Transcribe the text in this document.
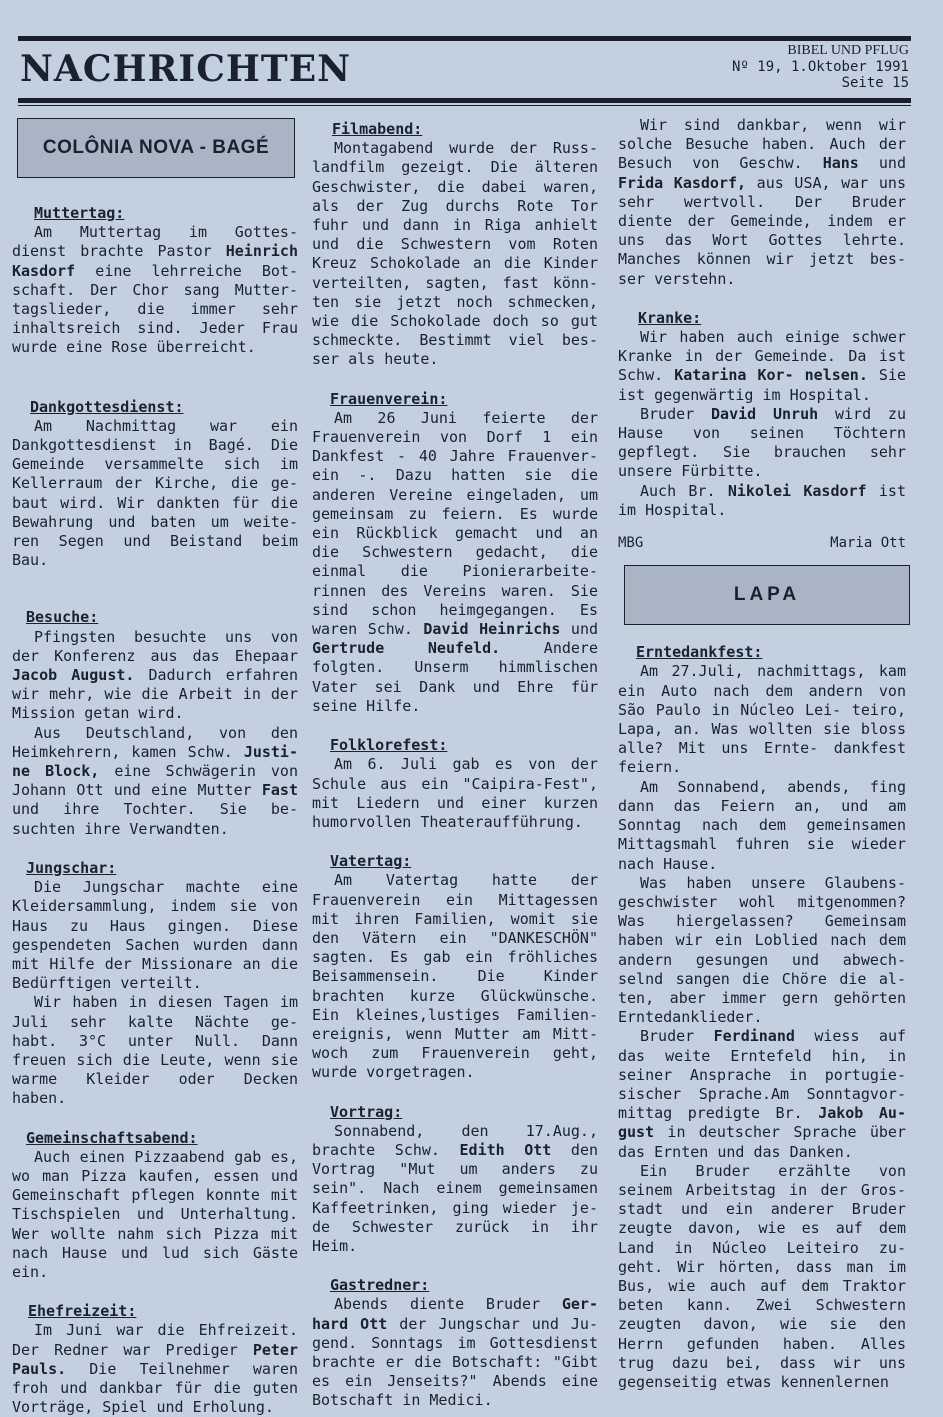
NACHRICHTEN	BIBEL UND PFLUG
Nº 19, 1.Oktober 1991
Seite 15
COLÔNIA NOVA - BAGÉ
Muttertag:

Am Muttertag im Gottes- dienst brachte Pastor Heinrich Kasdorf eine lehrreiche Bot- schaft. Der Chor sang Mutter- tagslieder, die immer sehr inhaltsreich sind. Jeder Frau wurde eine Rose überreicht.

Dankgottesdienst:

Am Nachmittag war ein Dankgottesdienst in Bagé. Die Gemeinde versammelte sich im Kellerraum der Kirche, die ge- baut wird. Wir dankten für die Bewahrung und baten um weite- ren Segen und Beistand beim Bau.

Besuche:

Pfingsten besuchte uns von der Konferenz aus das Ehepaar Jacob August. Dadurch erfahren wir mehr, wie die Arbeit in der Mission getan wird.

Aus Deutschland, von den Heimkehrern, kamen Schw. Justi- ne Block, eine Schwägerin von Johann Ott und eine Mutter Fast und ihre Tochter. Sie be- suchten ihre Verwandten.

Jungschar:

Die Jungschar machte eine Kleidersammlung, indem sie von Haus zu Haus gingen. Diese gespendeten Sachen wurden dann mit Hilfe der Missionare an die Bedürftigen verteilt.

Wir haben in diesen Tagen im Juli sehr kalte Nächte ge- habt. 3°C unter Null. Dann freuen sich die Leute, wenn sie warme Kleider oder Decken haben.

Gemeinschaftsabend:

Auch einen Pizzaabend gab es, wo man Pizza kaufen, essen und Gemeinschaft pflegen konnte mit Tischspielen und Unterhaltung. Wer wollte nahm sich Pizza mit nach Hause und lud sich Gäste ein.

Ehefreizeit:

Im Juni war die Ehfreizeit. Der Redner war Prediger Peter Pauls. Die Teilnehmer waren froh und dankbar für die guten Vorträge, Spiel und Erholung.

Filmabend:

Montagabend wurde der Russ- landfilm gezeigt. Die älteren Geschwister, die dabei waren, als der Zug durchs Rote Tor fuhr und dann in Riga anhielt und die Schwestern vom Roten Kreuz Schokolade an die Kinder verteilten, sagten, fast könn- ten sie jetzt noch schmecken, wie die Schokolade doch so gut schmeckte. Bestimmt viel bes- ser als heute.

Frauenverein:

Am 26 Juni feierte der Frauenverein von Dorf 1 ein Dankfest - 40 Jahre Frauenver- ein -. Dazu hatten sie die anderen Vereine eingeladen, um gemeinsam zu feiern. Es wurde ein Rückblick gemacht und an die Schwestern gedacht, die einmal die Pionierarbeite- rinnen des Vereins waren. Sie sind schon heimgegangen. Es waren Schw. David Heinrichs und Gertrude Neufeld. Andere folgten. Unserm himmlischen Vater sei Dank und Ehre für seine Hilfe.

Folklorefest:

Am 6. Juli gab es von der Schule aus ein "Caipira-Fest", mit Liedern und einer kurzen humorvollen Theateraufführung.

Vatertag:

Am Vatertag hatte der Frauenverein ein Mittagessen mit ihren Familien, womit sie den Vätern ein "DANKESCHÖN" sagten. Es gab ein fröhliches Beisammensein. Die Kinder brachten kurze Glückwünsche. Ein kleines,lustiges Familien- ereignis, wenn Mutter am Mitt- woch zum Frauenverein geht, wurde vorgetragen.

Vortrag:

Sonnabend, den 17.Aug., brachte Schw. Edith Ott den Vortrag "Mut um anders zu sein". Nach einem gemeinsamen Kaffeetrinken, ging wieder je- de Schwester zurück in ihr Heim.

Gastredner:

Abends diente Bruder Ger- hard Ott der Jungschar und Ju- gend. Sonntags im Gottesdienst brachte er die Botschaft: "Gibt es ein Jenseits?" Abends eine Botschaft in Medici.

Wir sind dankbar, wenn wir solche Besuche haben. Auch der Besuch von Geschw. Hans und Frida Kasdorf, aus USA, war uns sehr wertvoll. Der Bruder diente der Gemeinde, indem er uns das Wort Gottes lehrte. Manches können wir jetzt bes- ser verstehn.

Kranke:

Wir haben auch einige schwer Kranke in der Gemeinde. Da ist Schw. Katarina Kor- nelsen. Sie ist gegenwärtig im Hospital.

Bruder David Unruh wird zu Hause von seinen Töchtern gepflegt. Sie brauchen sehr unsere Fürbitte.

Auch Br. Nikolei Kasdorf ist im Hospital.

MBG	Maria Ott
LAPA
Erntedankfest:

Am 27.Juli, nachmittags, kam ein Auto nach dem andern von São Paulo in Núcleo Lei- teiro, Lapa, an. Was wollten sie bloss alle? Mit uns Ernte- dankfest feiern.

Am Sonnabend, abends, fing dann das Feiern an, und am Sonntag nach dem gemeinsamen Mittagsmahl fuhren sie wieder nach Hause.

Was haben unsere Glaubens- geschwister wohl mitgenommen? Was hiergelassen? Gemeinsam haben wir ein Loblied nach dem andern gesungen und abwech- selnd sangen die Chöre die al- ten, aber immer gern gehörten Erntedanklieder.

Bruder Ferdinand wiess auf das weite Erntefeld hin, in seiner Ansprache in portugie- sischer Sprache.Am Sonntagvor- mittag predigte Br. Jakob Au- gust in deutscher Sprache über das Ernten und das Danken.

Ein Bruder erzählte von seinem Arbeitstag in der Gros- stadt und ein anderer Bruder zeugte davon, wie es auf dem Land in Núcleo Leiteiro zu- geht. Wir hörten, dass man im Bus, wie auch auf dem Traktor beten kann. Zwei Schwestern zeugten davon, wie sie den Herrn gefunden haben. Alles trug dazu bei, dass wir uns gegenseitig etwas kennenlernen
